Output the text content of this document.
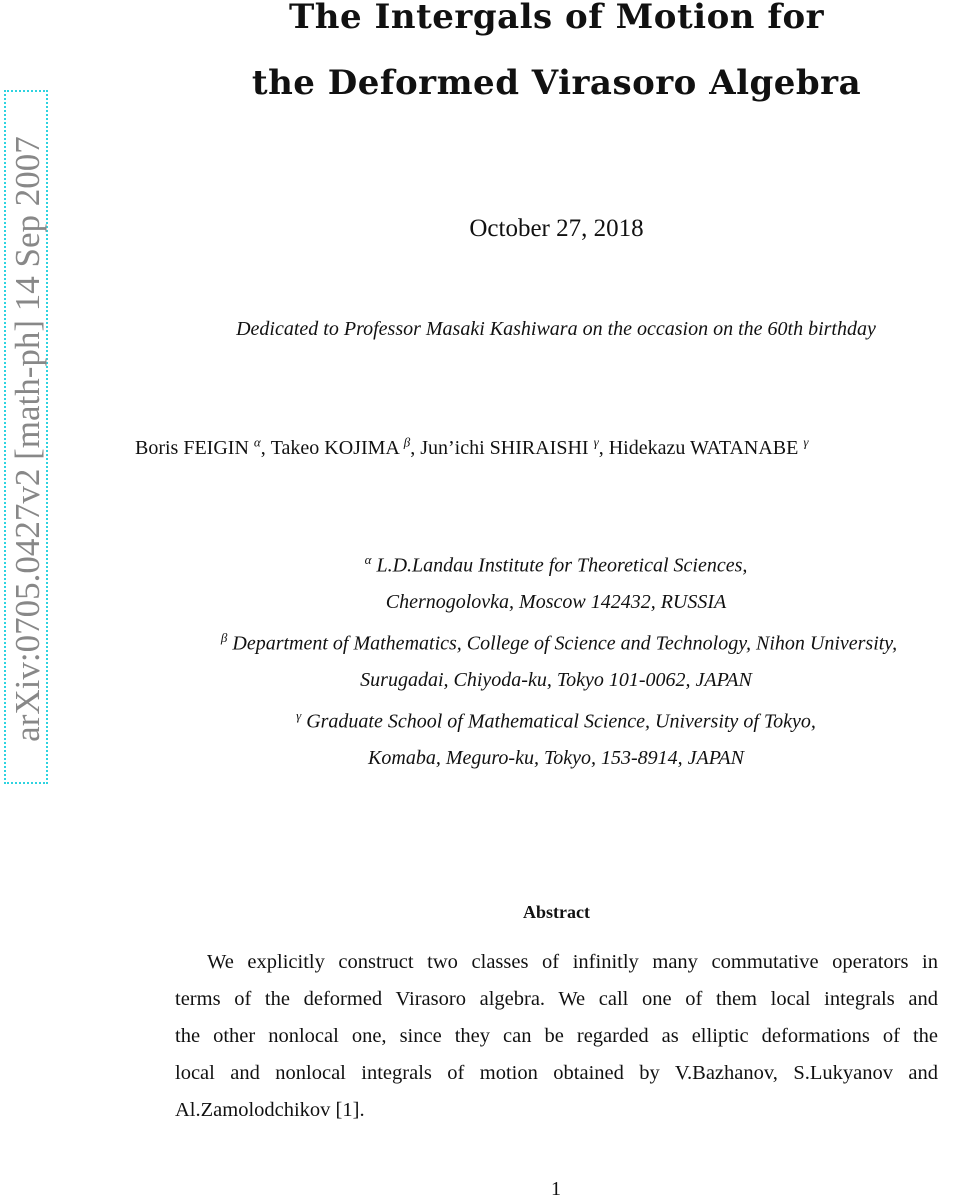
arXiv:0705.0427v2 [math-ph] 14 Sep 2007
The Intergals of Motion for
the Deformed Virasoro Algebra
October 27, 2018
Dedicated to Professor Masaki Kashiwara on the occasion on the 60th birthday
Boris FEIGIN $^\alpha$, Takeo KOJIMA $^\beta$, Jun’ichi SHIRAISHI $^\gamma$, Hidekazu WATANABE $^\gamma$
$^\alpha$ L.D.Landau Institute for Theoretical Sciences,
Chernogolovka, Moscow 142432, RUSSIA
$^\beta$ Department of Mathematics, College of Science and Technology, Nihon University,
Surugadai, Chiyoda-ku, Tokyo 101-0062, JAPAN
$^\gamma$ Graduate School of Mathematical Science, University of Tokyo,
Komaba, Meguro-ku, Tokyo, 153-8914, JAPAN
Abstract
We explicitly construct two classes of infinitly many commutative operators in
terms of the deformed Virasoro algebra. We call one of them local integrals and
the other nonlocal one, since they can be regarded as elliptic deformations of the
local and nonlocal integrals of motion obtained by V.Bazhanov, S.Lukyanov and
Al.Zamolodchikov [1].
1
